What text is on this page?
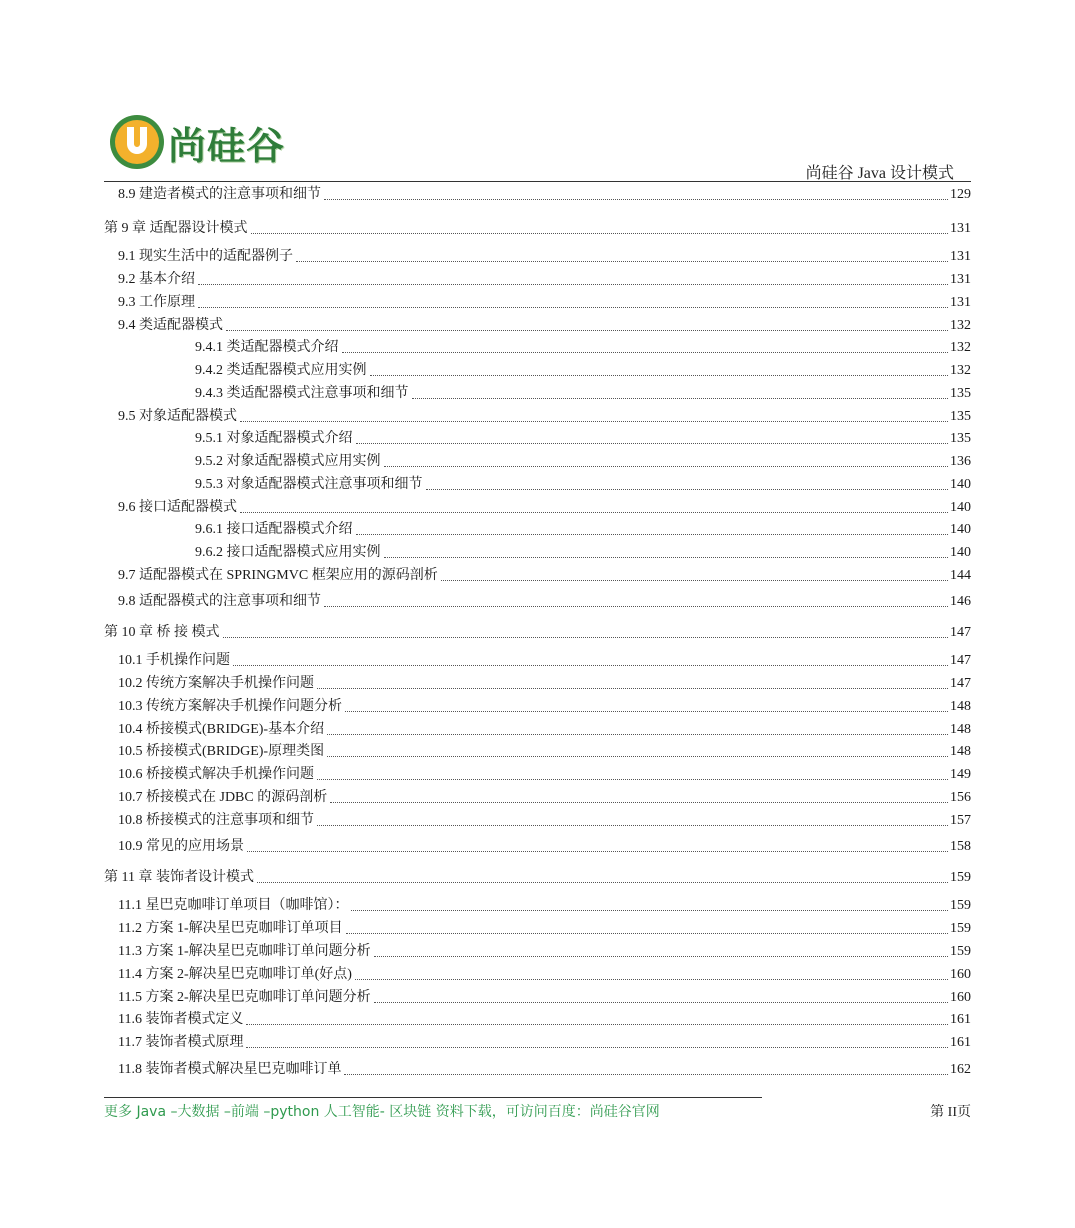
尚硅谷
尚硅谷 Java 设计模式
8.9 建造者模式的注意事项和细节	129
第 9 章 适配器设计模式	131
9.1 现实生活中的适配器例子	131
9.2 基本介绍	131
9.3 工作原理	131
9.4 类适配器模式	132
9.4.1 类适配器模式介绍	132
9.4.2 类适配器模式应用实例	132
9.4.3 类适配器模式注意事项和细节	135
9.5 对象适配器模式	135
9.5.1 对象适配器模式介绍	135
9.5.2 对象适配器模式应用实例	136
9.5.3 对象适配器模式注意事项和细节	140
9.6 接口适配器模式	140
9.6.1 接口适配器模式介绍	140
9.6.2 接口适配器模式应用实例	140
9.7 适配器模式在 SPRINGMVC 框架应用的源码剖析	144
9.8 适配器模式的注意事项和细节	146
第 10 章 桥 接 模式	147
10.1 手机操作问题	147
10.2 传统方案解决手机操作问题	147
10.3 传统方案解决手机操作问题分析	148
10.4 桥接模式(BRIDGE)-基本介绍	148
10.5 桥接模式(BRIDGE)-原理类图	148
10.6 桥接模式解决手机操作问题	149
10.7 桥接模式在 JDBC 的源码剖析	156
10.8 桥接模式的注意事项和细节	157
10.9 常见的应用场景	158
第 11 章 装饰者设计模式	159
11.1 星巴克咖啡订单项目（咖啡馆）：	159
11.2 方案 1-解决星巴克咖啡订单项目	159
11.3 方案 1-解决星巴克咖啡订单问题分析	159
11.4 方案 2-解决星巴克咖啡订单(好点)	160
11.5 方案 2-解决星巴克咖啡订单问题分析	160
11.6 装饰者模式定义	161
11.7 装饰者模式原理	161
11.8 装饰者模式解决星巴克咖啡订单	162
更多 Java –大数据 –前端 –python 人工智能- 区块链 资料下载，可访问百度：尚硅谷官网	第 II页
